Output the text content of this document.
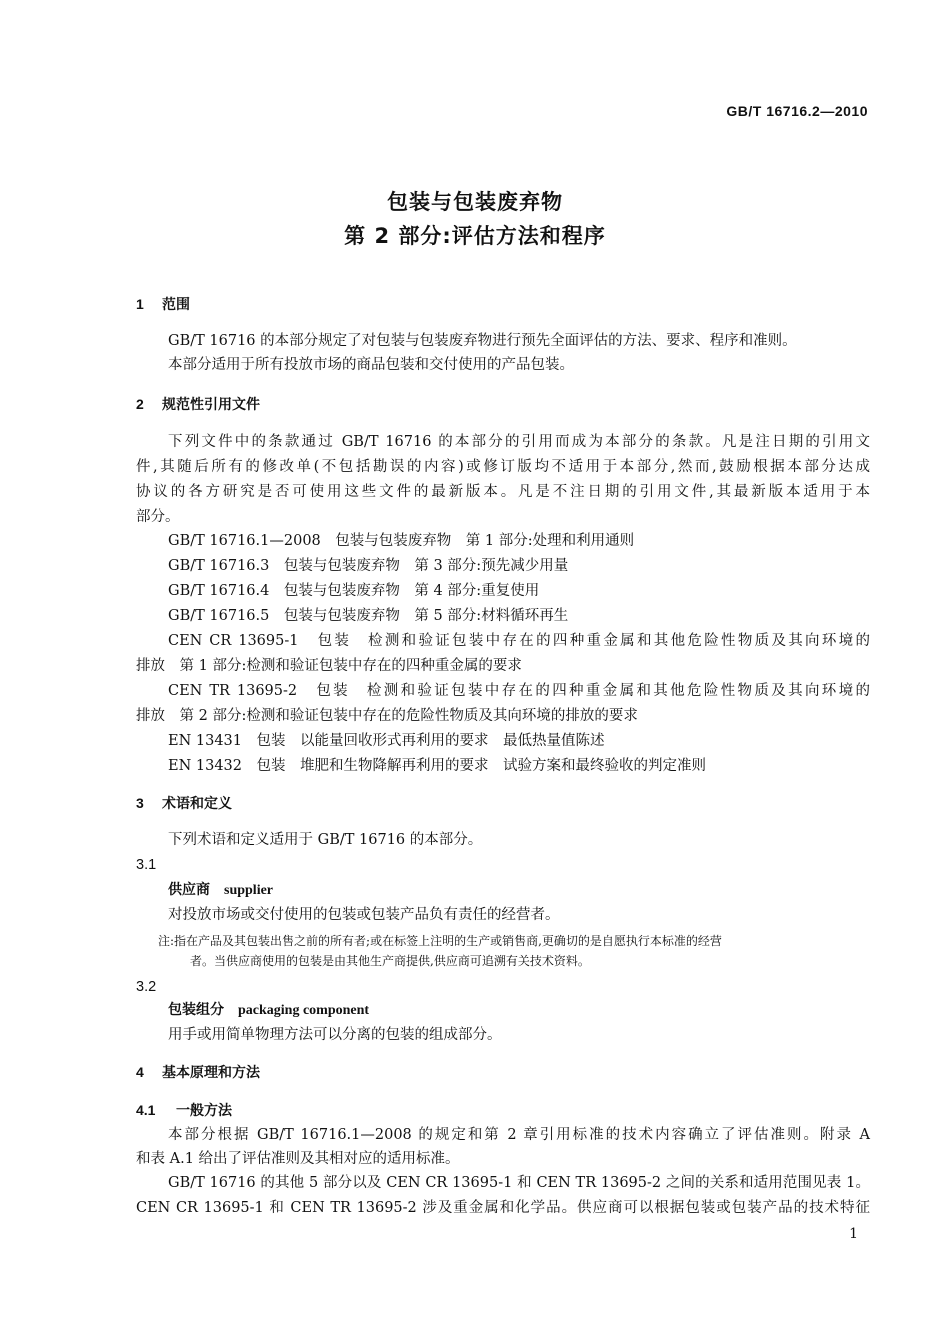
GB/T 16716.2—2010
包装与包装废弃物
第 2 部分:评估方法和程序
1 范围
GB/T 16716 的本部分规定了对包装与包装废弃物进行预先全面评估的方法、要求、程序和准则。
本部分适用于所有投放市场的商品包装和交付使用的产品包装。
2 规范性引用文件
下列文件中的条款通过 GB/T 16716 的本部分的引用而成为本部分的条款。凡是注日期的引用文
件,其随后所有的修改单(不包括勘误的内容)或修订版均不适用于本部分,然而,鼓励根据本部分达成
协议的各方研究是否可使用这些文件的最新版本。凡是不注日期的引用文件,其最新版本适用于本
部分。
GB/T 16716.1—2008　包装与包装废弃物　第 1 部分:处理和利用通则
GB/T 16716.3　包装与包装废弃物　第 3 部分:预先减少用量
GB/T 16716.4　包装与包装废弃物　第 4 部分:重复使用
GB/T 16716.5　包装与包装废弃物　第 5 部分:材料循环再生
CEN CR 13695-1　包装　检测和验证包装中存在的四种重金属和其他危险性物质及其向环境的
排放　第 1 部分:检测和验证包装中存在的四种重金属的要求
CEN TR 13695-2　包装　检测和验证包装中存在的四种重金属和其他危险性物质及其向环境的
排放　第 2 部分:检测和验证包装中存在的危险性物质及其向环境的排放的要求
EN 13431　包装　以能量回收形式再利用的要求　最低热量值陈述
EN 13432　包装　堆肥和生物降解再利用的要求　试验方案和最终验收的判定准则
3 术语和定义
下列术语和定义适用于 GB/T 16716 的本部分。
3.1
供应商 supplier
对投放市场或交付使用的包装或包装产品负有责任的经营者。
注:指在产品及其包装出售之前的所有者;或在标签上注明的生产或销售商,更确切的是自愿执行本标准的经营
者。当供应商使用的包装是由其他生产商提供,供应商可追溯有关技术资料。
3.2
包装组分 packaging component
用手或用简单物理方法可以分离的包装的组成部分。
4 基本原理和方法
4.1 一般方法
本部分根据 GB/T 16716.1—2008 的规定和第 2 章引用标准的技术内容确立了评估准则。附录 A
和表 A.1 给出了评估准则及其相对应的适用标准。
GB/T 16716 的其他 5 部分以及 CEN CR 13695-1 和 CEN TR 13695-2 之间的关系和适用范围见表 1。
CEN CR 13695-1 和 CEN TR 13695-2 涉及重金属和化学品。供应商可以根据包装或包装产品的技术特征
1
